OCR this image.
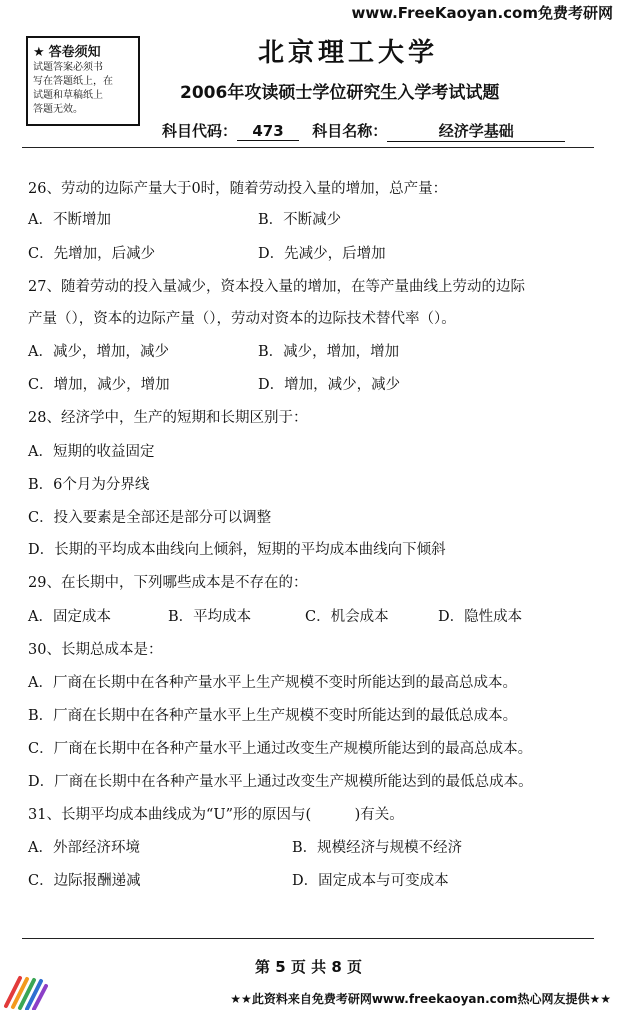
www.FreeKaoyan.com免费考研网
★ 答卷须知
试题答案必须书
写在答题纸上，在
试题和草稿纸上
答题无效。
北京理工大学
2006年攻读硕士学位研究生入学考试试题
科目代码： 473 科目名称：	经济学基础
26、劳动的边际产量大于0时，随着劳动投入量的增加，总产量：
A．不断增加	B．不断减少
C．先增加，后减少	D．先减少，后增加
27、随着劳动的投入量减少，资本投入量的增加，在等产量曲线上劳动的边际
产量（），资本的边际产量（），劳动对资本的边际技术替代率（）。
A．减少，增加，减少	B．减少，增加，增加
C．增加，减少，增加	D．增加，减少，减少
28、经济学中，生产的短期和长期区别于：
A．短期的收益固定
B．6个月为分界线
C．投入要素是全部还是部分可以调整
D．长期的平均成本曲线向上倾斜，短期的平均成本曲线向下倾斜
29、在长期中，下列哪些成本是不存在的：
A．固定成本	B．平均成本	C．机会成本	D．隐性成本
30、长期总成本是：
A．厂商在长期中在各种产量水平上生产规模不变时所能达到的最高总成本。
B．厂商在长期中在各种产量水平上生产规模不变时所能达到的最低总成本。
C．厂商在长期中在各种产量水平上通过改变生产规模所能达到的最高总成本。
D．厂商在长期中在各种产量水平上通过改变生产规模所能达到的最低总成本。
31、长期平均成本曲线成为“U”形的原因与(　　　)有关。
A．外部经济环境	B．规模经济与规模不经济
C．边际报酬递减	D．固定成本与可变成本
第 5 页 共 8 页
★★此资料来自免费考研网www.freekaoyan.com热心网友提供★★
